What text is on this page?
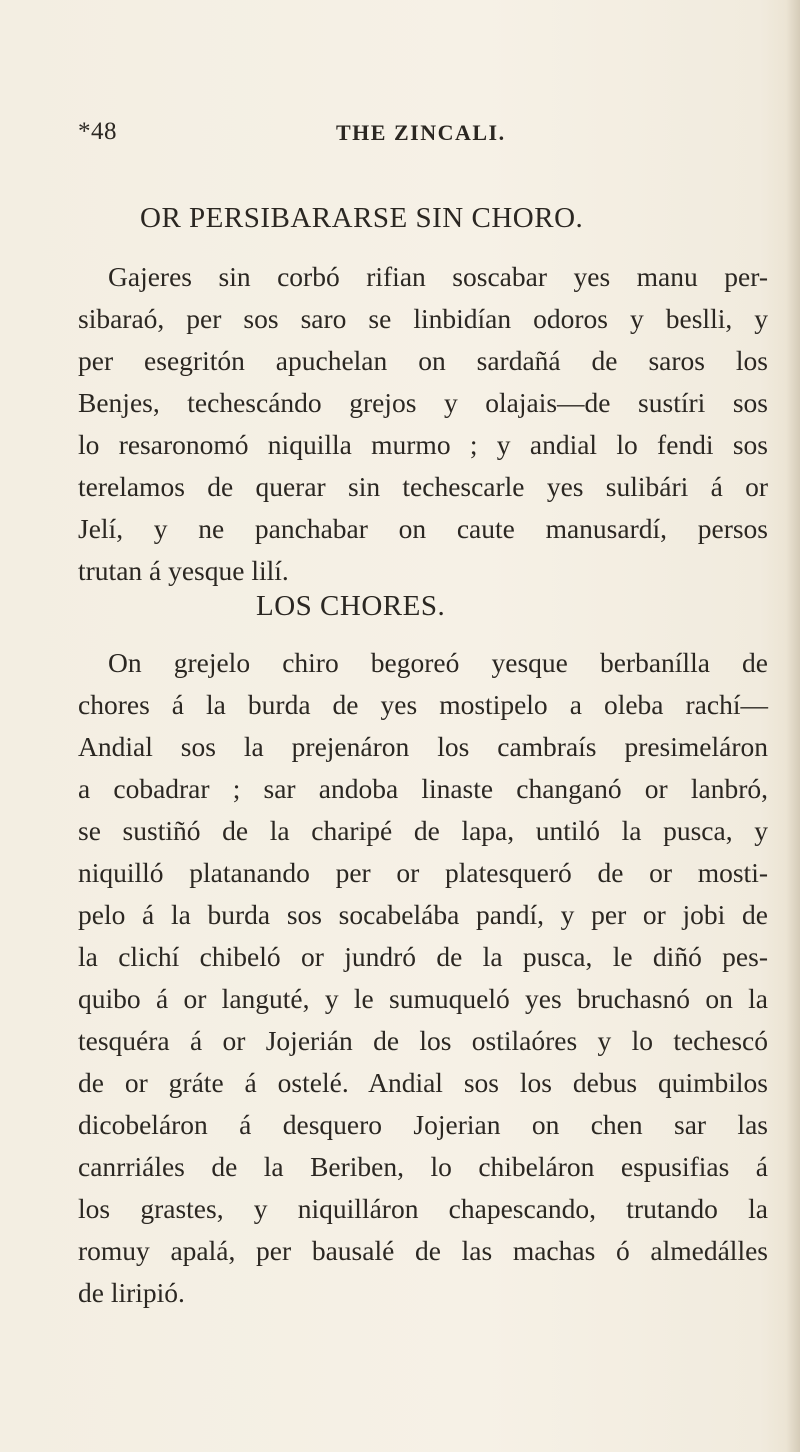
*48	THE ZINCALI.
OR PERSIBARARSE SIN CHORO.
Gajeres sin corbó rifian soscabar yes manu per-
sibaraó, per sos saro se linbidían odoros y beslli, y
per esegritón apuchelan on sardañá de saros los
Benjes, techescándo grejos y olajais—de sustíri sos
lo resaronomó niquilla murmo ; y andial lo fendi sos
terelamos de querar sin techescarle yes sulibári á or
Jelí, y ne panchabar on caute manusardí, persos
trutan á yesque lilí.
LOS CHORES.
On grejelo chiro begoreó yesque berbanílla de
chores á la burda de yes mostipelo a oleba rachí—
Andial sos la prejenáron los cambraís presimeláron
a cobadrar ; sar andoba linaste changanó or lanbró,
se sustiñó de la charipé de lapa, untiló la pusca, y
niquilló platanando per or platesqueró de or mosti-
pelo á la burda sos socabelába pandí, y per or jobi de
la clichí chibeló or jundró de la pusca, le diñó pes-
quibo á or languté, y le sumuqueló yes bruchasnó on la
tesquéra á or Jojerián de los ostilaóres y lo techescó
de or gráte á ostelé. Andial sos los debus quimbilos
dicobeláron á desquero Jojerian on chen sar las
canrriáles de la Beriben, lo chibeláron espusifias á
los grastes, y niquilláron chapescando, trutando la
romuy apalá, per bausalé de las machas ó almedálles
de liripió.
